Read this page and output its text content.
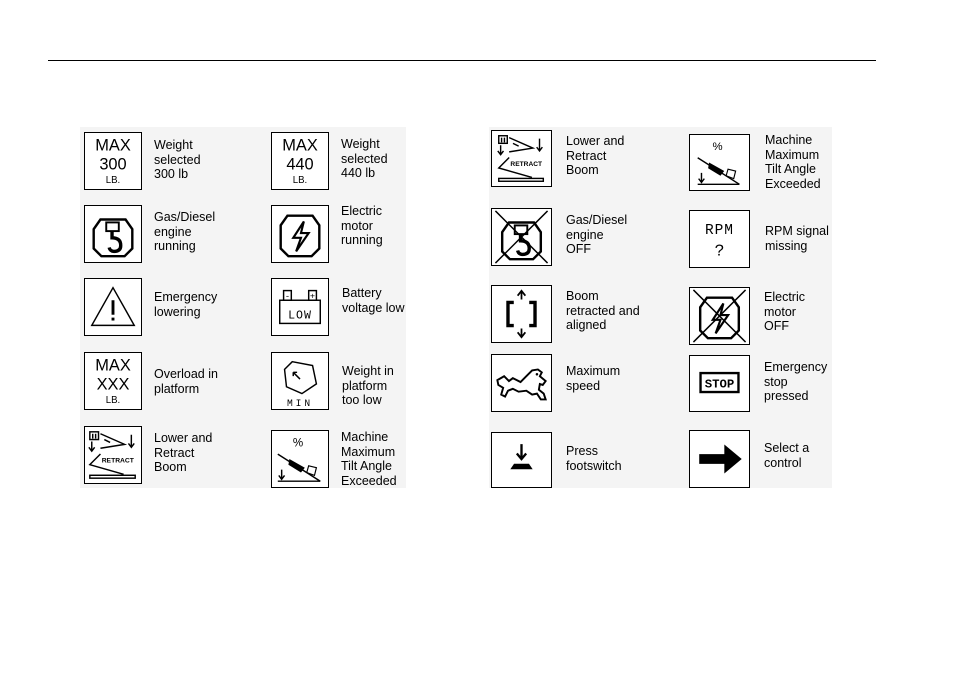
MAX
300
LB.
Weight
selected
300 lb
Gas/Diesel
engine
running
Emergency
lowering
MAX
XXX
LB.
Overload in
platform
RETRACT
Lower and
Retract
Boom
MAX
440
LB.
Weight
selected
440 lb
Electric
motor
running
- +
LOW
Battery
voltage low
MIN
Weight in
platform
too low
%	Machine
Maximum
Tilt Angle
Exceeded
RETRACT
Lower and
Retract
Boom
Gas/Diesel
engine
OFF
Boom
retracted and
aligned
Maximum
speed
Press
footswitch
%
Machine
Maximum
Tilt Angle
Exceeded
RPM
?
RPM signal
missing
Electric
motor
OFF
STOP
Emergency
stop
pressed
Select a
control
